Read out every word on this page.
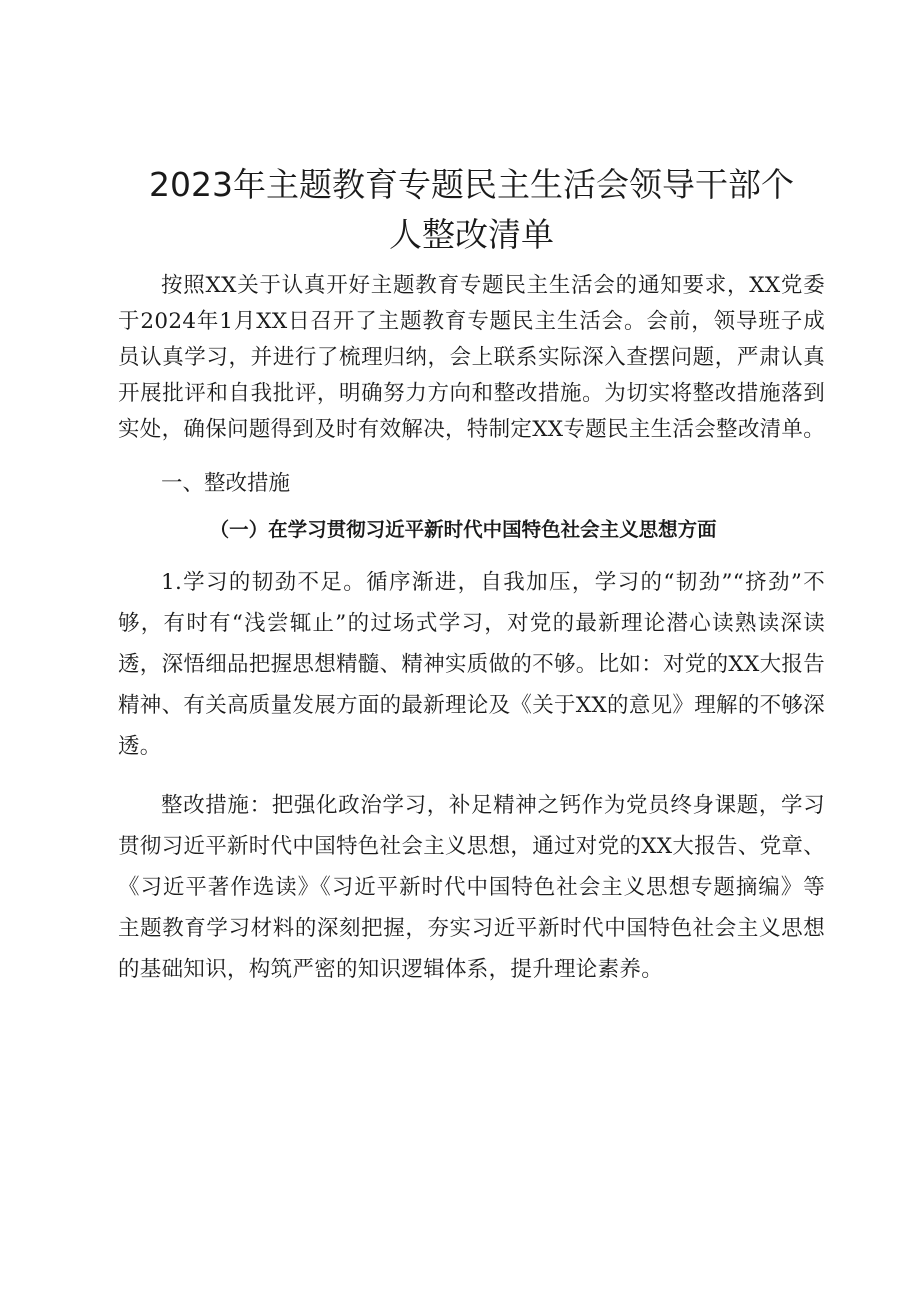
2023年主题教育专题民主生活会领导干部个
人整改清单

按照XX关于认真开好主题教育专题民主生活会的通知要求，XX党委于2024年1月XX日召开了主题教育专题民主生活会。会前，领导班子成员认真学习，并进行了梳理归纳，会上联系实际深入查摆问题，严肃认真开展批评和自我批评，明确努力方向和整改措施。为切实将整改措施落到实处，确保问题得到及时有效解决，特制定XX专题民主生活会整改清单。

一、整改措施

（一）在学习贯彻习近平新时代中国特色社会主义思想方面

1.学习的韧劲不足。循序渐进，自我加压，学习的“韧劲”“挤劲”不够，有时有“浅尝辄止”的过场式学习，对党的最新理论潜心读熟读深读透，深悟细品把握思想精髓、精神实质做的不够。比如：对党的XX大报告精神、有关高质量发展方面的最新理论及《关于XX的意见》理解的不够深透。

整改措施：把强化政治学习，补足精神之钙作为党员终身课题，学习贯彻习近平新时代中国特色社会主义思想，通过对党的XX大报告、党章、《习近平著作选读》《习近平新时代中国特色社会主义思想专题摘编》等主题教育学习材料的深刻把握，夯实习近平新时代中国特色社会主义思想的基础知识，构筑严密的知识逻辑体系，提升理论素养。
